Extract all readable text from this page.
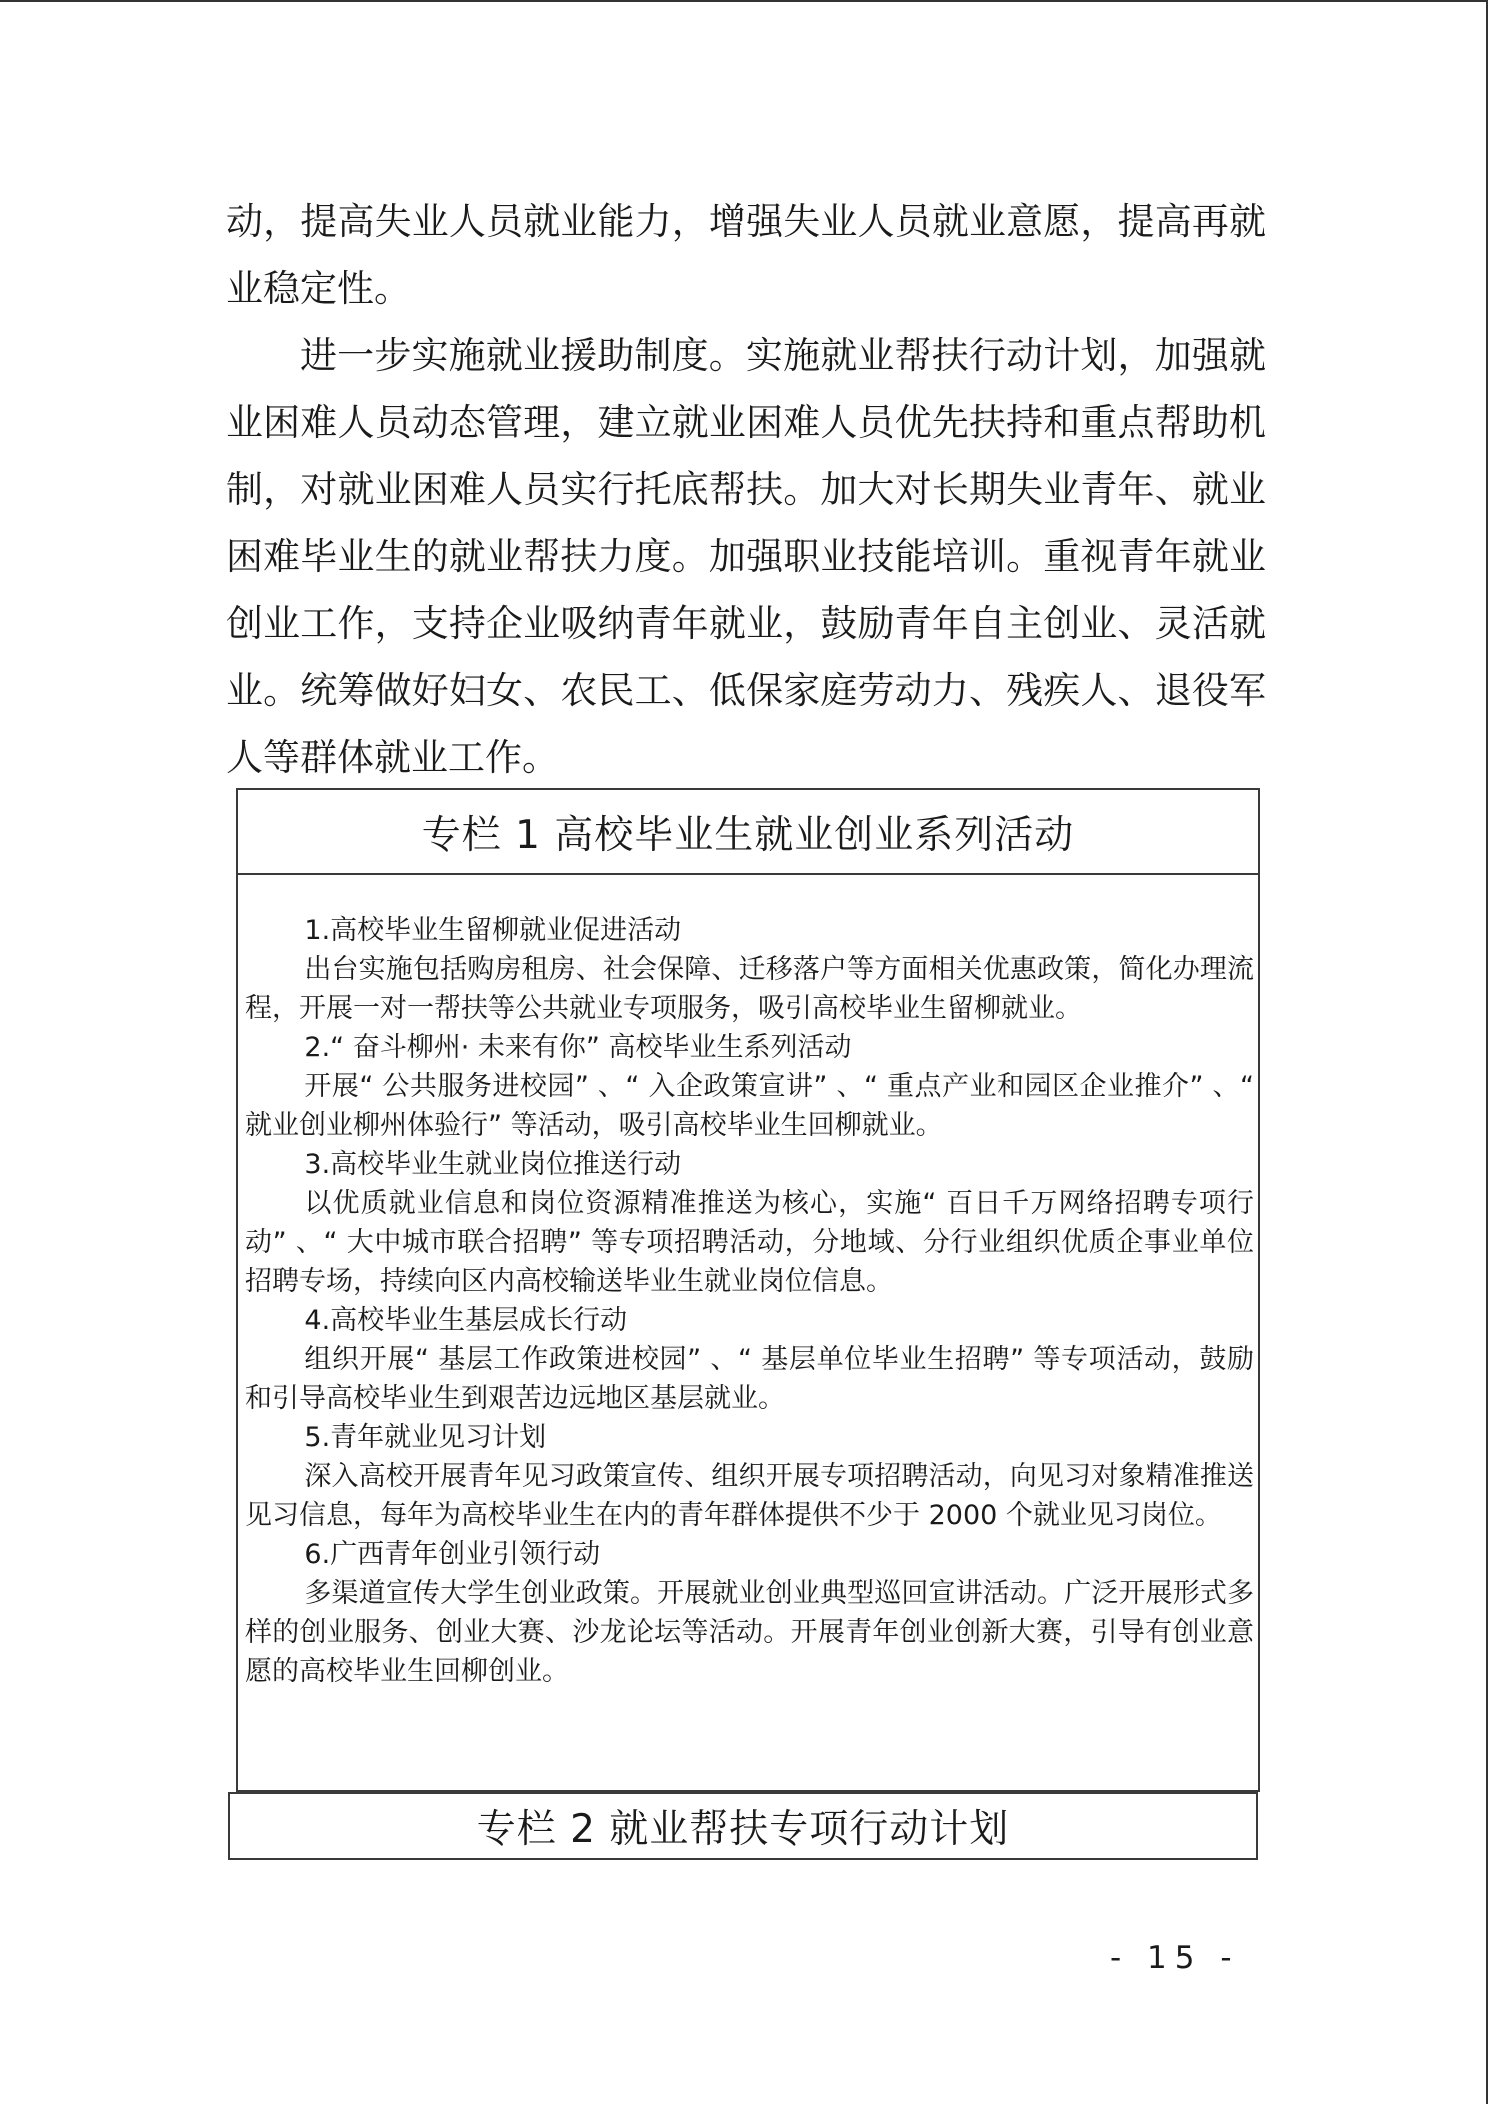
动，提高失业人员就业能力，增强失业人员就业意愿，提高再就业稳定性。

进一步实施就业援助制度。实施就业帮扶行动计划，加强就业困难人员动态管理，建立就业困难人员优先扶持和重点帮助机制，对就业困难人员实行托底帮扶。加大对长期失业青年、就业困难毕业生的就业帮扶力度。加强职业技能培训。重视青年就业创业工作，支持企业吸纳青年就业，鼓励青年自主创业、灵活就业。统筹做好妇女、农民工、低保家庭劳动力、残疾人、退役军人等群体就业工作。

专栏 1 高校毕业生就业创业系列活动

1.高校毕业生留柳就业促进活动

出台实施包括购房租房、社会保障、迁移落户等方面相关优惠政策，简化办理流程，开展一对一帮扶等公共就业专项服务，吸引高校毕业生留柳就业。

2.“ 奋斗柳州· 未来有你” 高校毕业生系列活动

开展“ 公共服务进校园” 、“ 入企政策宣讲” 、“ 重点产业和园区企业推介” 、“ 就业创业柳州体验行” 等活动，吸引高校毕业生回柳就业。

3.高校毕业生就业岗位推送行动

以优质就业信息和岗位资源精准推送为核心，实施“ 百日千万网络招聘专项行动” 、“ 大中城市联合招聘” 等专项招聘活动，分地域、分行业组织优质企事业单位招聘专场，持续向区内高校输送毕业生就业岗位信息。

4.高校毕业生基层成长行动

组织开展“ 基层工作政策进校园” 、“ 基层单位毕业生招聘” 等专项活动，鼓励和引导高校毕业生到艰苦边远地区基层就业。

5.青年就业见习计划

深入高校开展青年见习政策宣传、组织开展专项招聘活动，向见习对象精准推送见习信息，每年为高校毕业生在内的青年群体提供不少于 2000 个就业见习岗位。

6.广西青年创业引领行动

多渠道宣传大学生创业政策。开展就业创业典型巡回宣讲活动。广泛开展形式多样的创业服务、创业大赛、沙龙论坛等活动。开展青年创业创新大赛，引导有创业意愿的高校毕业生回柳创业。

专栏 2 就业帮扶专项行动计划
- 15 -
